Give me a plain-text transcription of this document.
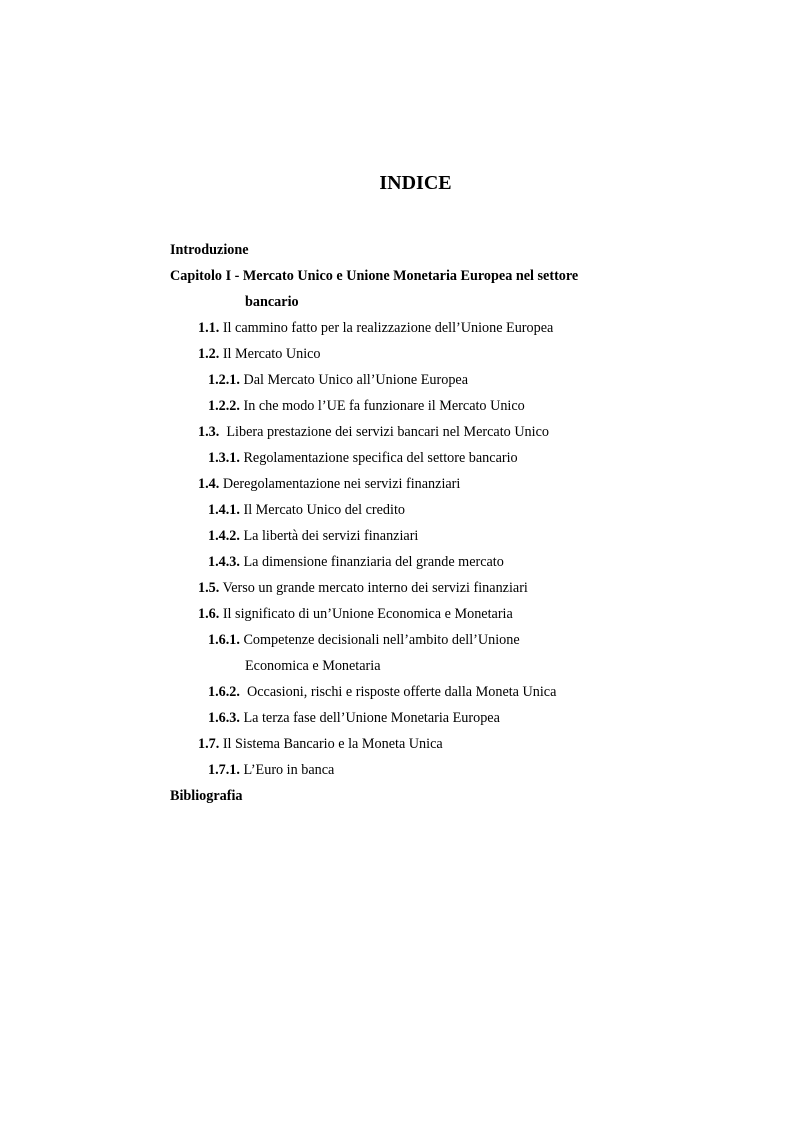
INDICE
Introduzione
Capitolo I - Mercato Unico e Unione Monetaria Europea nel settore
bancario
1.1. Il cammino fatto per la realizzazione dell’Unione Europea
1.2. Il Mercato Unico
1.2.1. Dal Mercato Unico all’Unione Europea
1.2.2. In che modo l’UE fa funzionare il Mercato Unico
1.3.  Libera prestazione dei servizi bancari nel Mercato Unico
1.3.1. Regolamentazione specifica del settore bancario
1.4. Deregolamentazione nei servizi finanziari
1.4.1. Il Mercato Unico del credito
1.4.2. La libertà dei servizi finanziari
1.4.3. La dimensione finanziaria del grande mercato
1.5. Verso un grande mercato interno dei servizi finanziari
1.6. Il significato di un’Unione Economica e Monetaria
1.6.1. Competenze decisionali nell’ambito dell’Unione
Economica e Monetaria
1.6.2.  Occasioni, rischi e risposte offerte dalla Moneta Unica
1.6.3. La terza fase dell’Unione Monetaria Europea
1.7. Il Sistema Bancario e la Moneta Unica
1.7.1. L’Euro in banca
Bibliografia
